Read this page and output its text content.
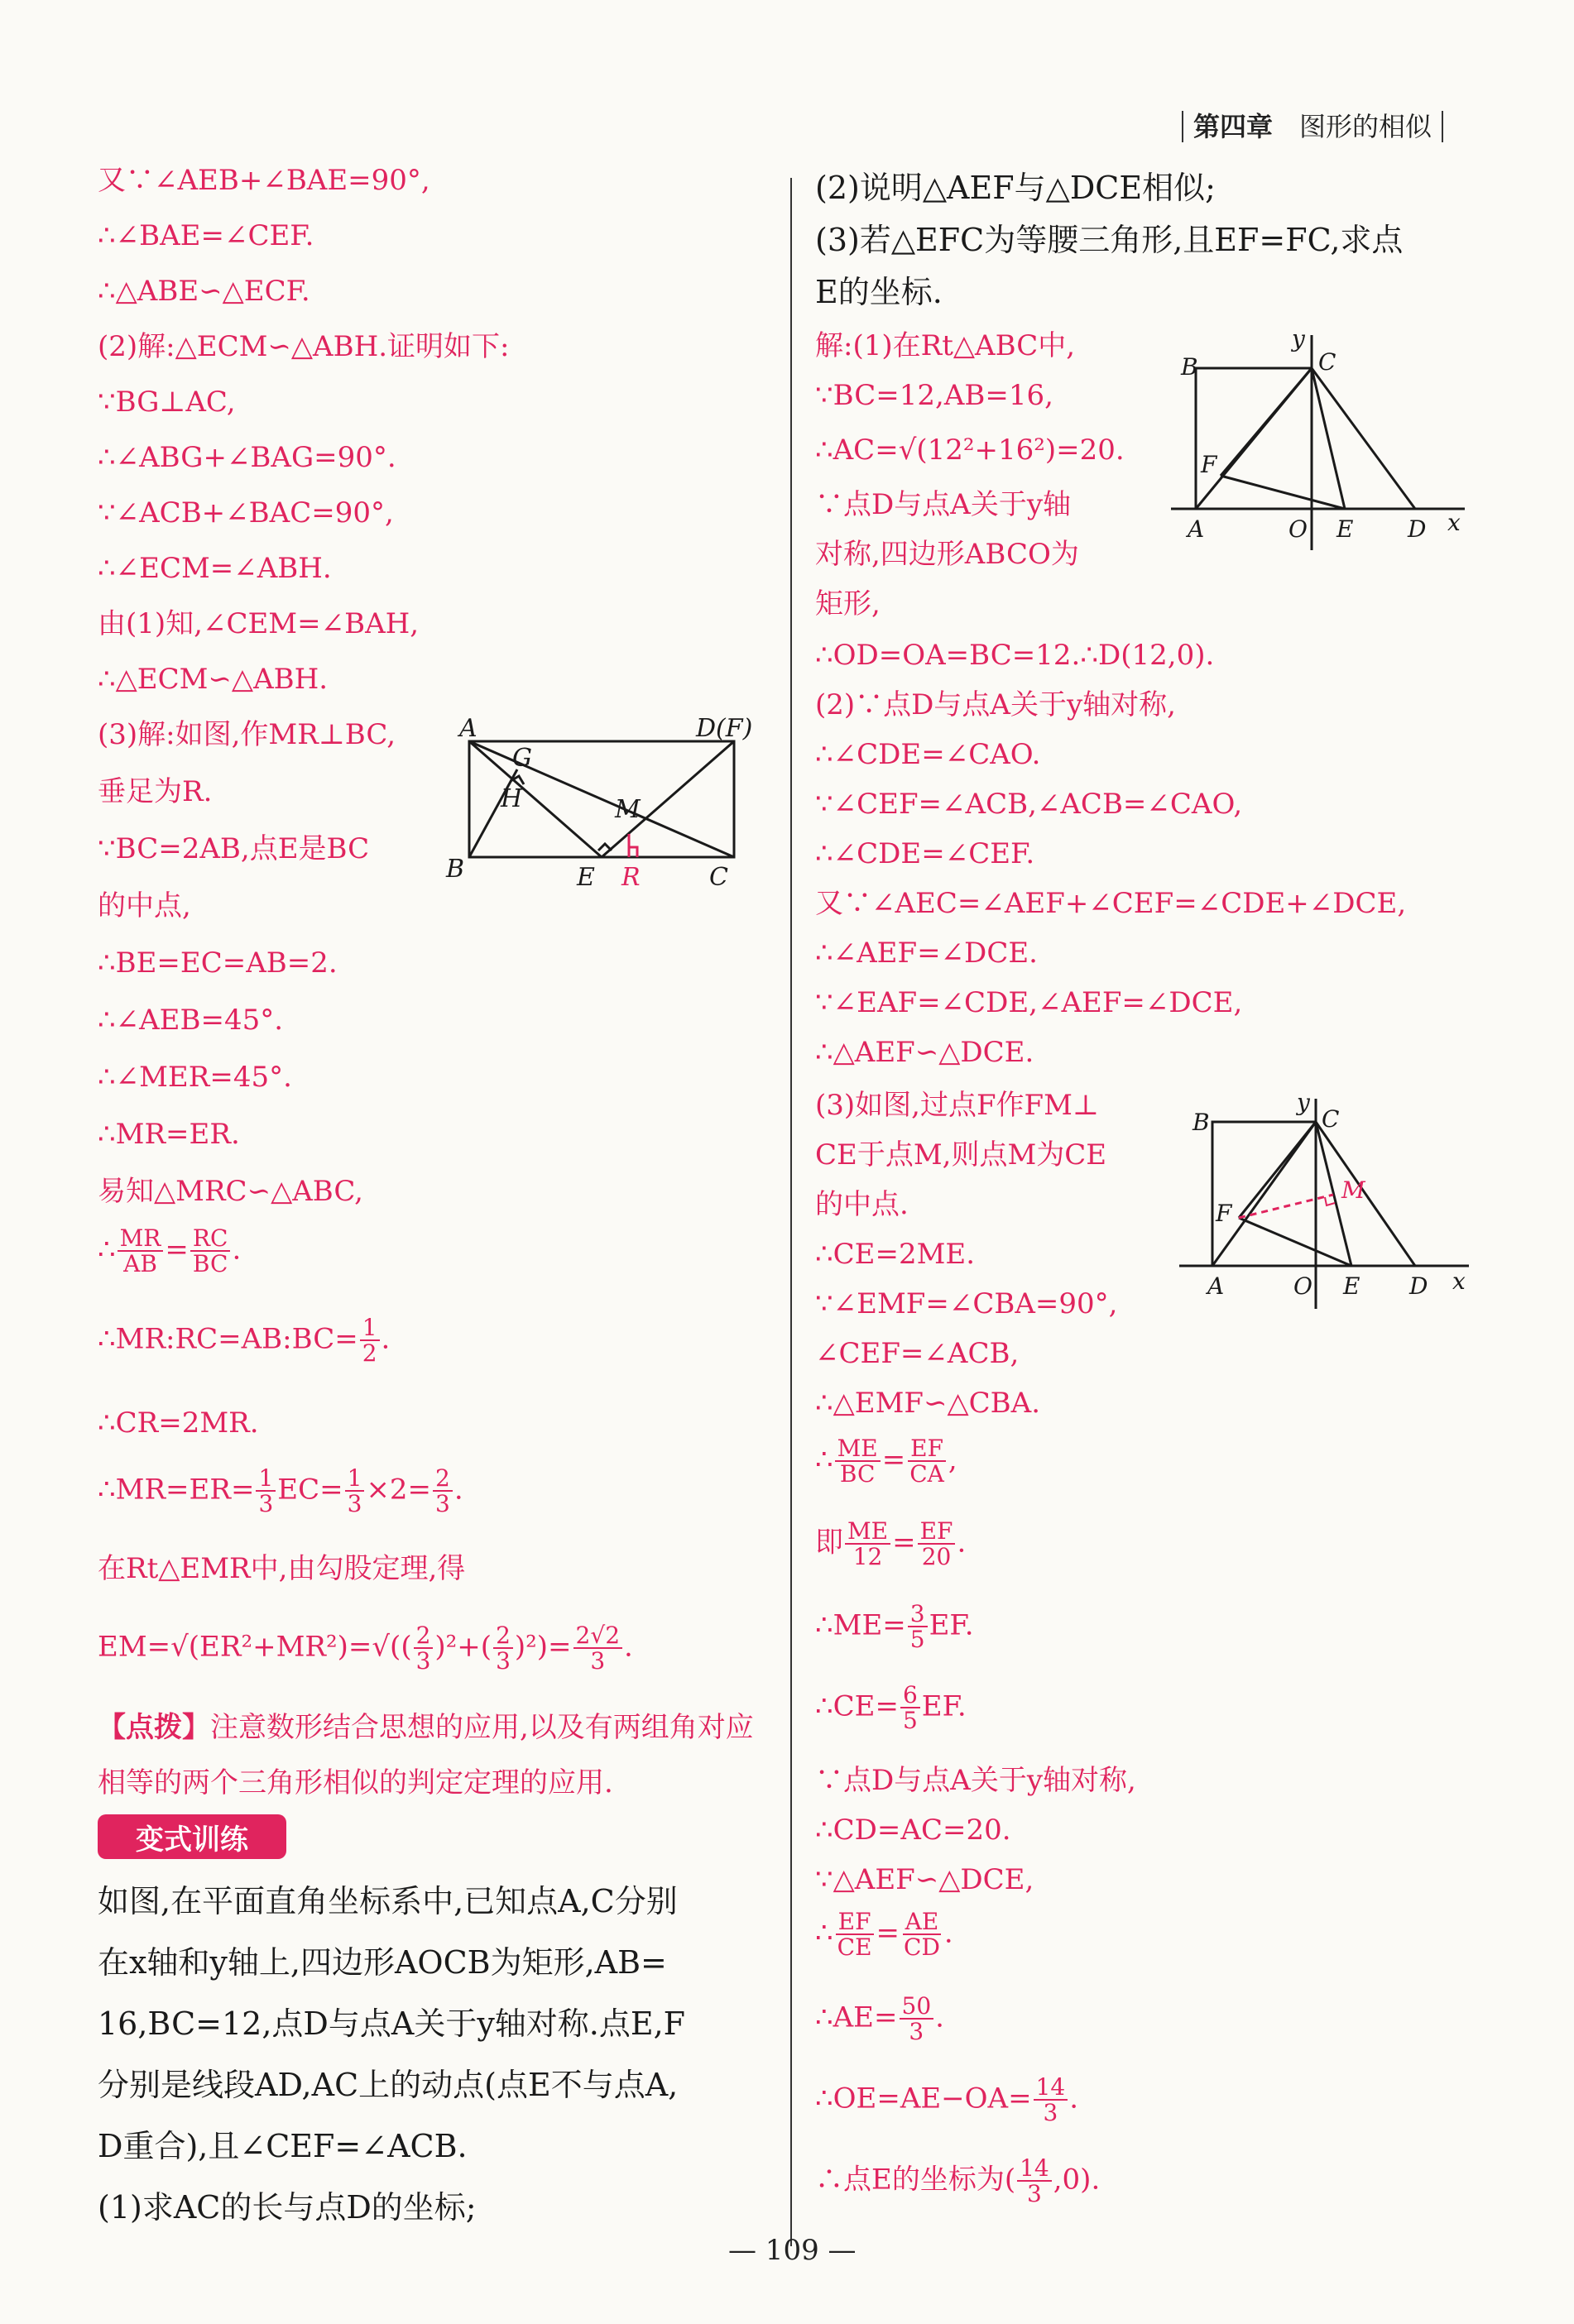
第四章 图形的相似
又∵∠AEB+∠BAE=90°,
∴∠BAE=∠CEF.
∴△ABE∽△ECF.
(2)解:△ECM∽△ABH.证明如下:
∵BG⊥AC,
∴∠ABG+∠BAG=90°.
∵∠ACB+∠BAC=90°,
∴∠ECM=∠ABH.
由(1)知,∠CEM=∠BAH,
∴△ECM∽△ABH.
(3)解:如图,作MR⊥BC,
垂足为R.
∵BC=2AB,点E是BC
的中点,
∴BE=EC=AB=2.
∴∠AEB=45°.
∴∠MER=45°.
∴MR=ER.
易知△MRC∽△ABC,
∴ $\frac{MR}{AB} = \frac{RC}{BC}$ .
∴MR:RC=AB:BC= $\frac{1}{2}$ .
∴CR=2MR.
∴MR=ER= $\frac{1}{3} EC= \frac{1}{3} \times 2= \frac{2}{3}$ .
在Rt△EMR中,由勾股定理,得
$EM=√(ER^2+MR^2)=√(( \frac{2}{3} )^2+( \frac{2}{3} )^2)= \frac{2√2}{3}$ .
【点拨】注意数形结合思想的应用,以及有两组角对应
相等的两个三角形相似的判定定理的应用.
变式训练
如图,在平面直角坐标系中,已知点A,C分别
在x轴和y轴上,四边形AOCB为矩形,AB=
16,BC=12,点D与点A关于y轴对称.点E,F
分别是线段AD,AC上的动点(点E不与点A,
D重合),且∠CEF=∠ACB.
(1)求AC的长与点D的坐标;
A	D(F)
B	C
G
H	M
E R
(2)说明△AEF与△DCE相似;
(3)若△EFC为等腰三角形,且EF=FC,求点
E的坐标.
解:(1)在Rt△ABC中,
∵BC=12,AB=16,
∴AC=√(12²+16²)=20.
∵点D与点A关于y轴
对称,四边形ABCO为
矩形,
∴OD=OA=BC=12.∴D(12,0).
(2)∵点D与点A关于y轴对称,
∴∠CDE=∠CAO.
∵∠CEF=∠ACB,∠ACB=∠CAO,
∴∠CDE=∠CEF.
又∵∠AEC=∠AEF+∠CEF=∠CDE+∠DCE,
∴∠AEF=∠DCE.
∵∠EAF=∠CDE,∠AEF=∠DCE,
∴△AEF∽△DCE.
(3)如图,过点F作FM⊥
CE于点M,则点M为CE
的中点.
∴CE=2ME.
∵∠EMF=∠CBA=90°,
∠CEF=∠ACB,
∴△EMF∽△CBA.
∴ $\frac{ME}{BC} = \frac{EF}{CA}$ ,
即 $\frac{ME}{12} = \frac{EF}{20}$ .
∴ME= $\frac{3}{5}$ EF.
∴CE= $\frac{6}{5}$ EF.
∵点D与点A关于y轴对称,
∴CD=AC=20.
∵△AEF∽△DCE,
∴ $\frac{EF}{CE} = \frac{AE}{CD}$ .
∴AE= $\frac{50}{3}$ .
∴OE=AE−OA= $\frac{14}{3}$ .
∴点E的坐标为( $\frac{14}{3} ,0$).
B	C
y
F
A	O E D x
B	C
y
F
M
A	O E D x
— 109 —
